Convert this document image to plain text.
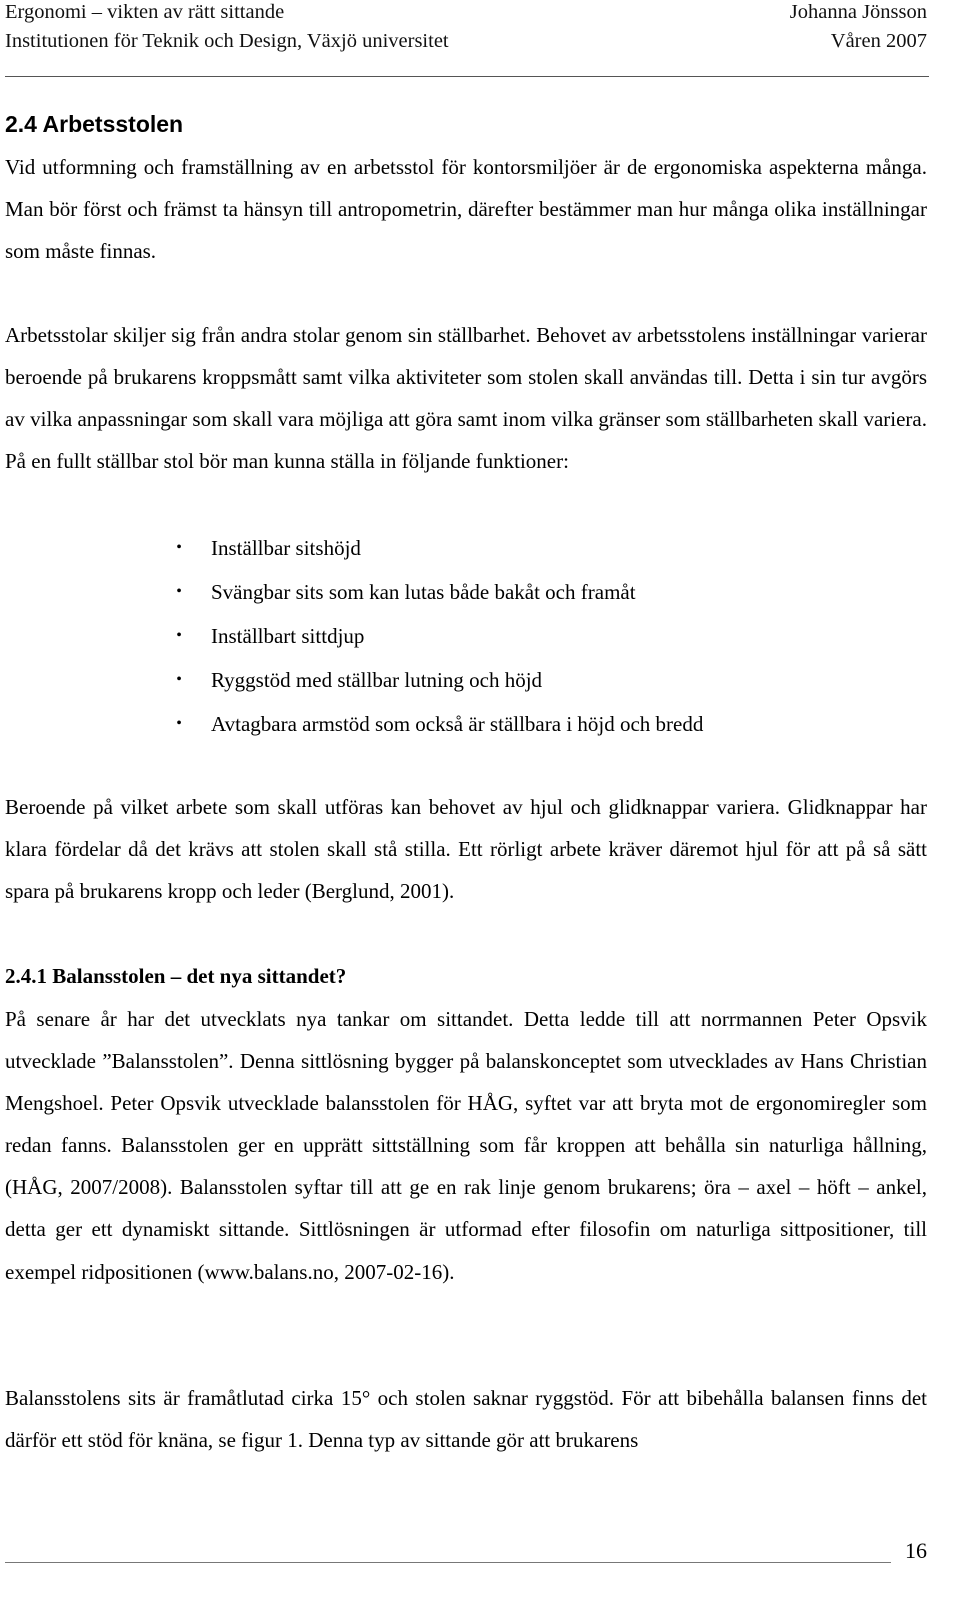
Ergonomi – vikten av rätt sittande	Johanna Jönsson
Institutionen för Teknik och Design, Växjö universitet	Våren 2007
2.4 Arbetsstolen

Vid utformning och framställning av en arbetsstol för kontorsmiljöer är de ergonomiska aspekterna många. Man bör först och främst ta hänsyn till antropometrin, därefter bestämmer man hur många olika inställningar som måste finnas.

Arbetsstolar skiljer sig från andra stolar genom sin ställbarhet. Behovet av arbetsstolens inställningar varierar beroende på brukarens kroppsmått samt vilka aktiviteter som stolen skall användas till. Detta i sin tur avgörs av vilka anpassningar som skall vara möjliga att göra samt inom vilka gränser som ställbarheten skall variera. På en fullt ställbar stol bör man kunna ställa in följande funktioner:

• Inställbar sitshöjd
• Svängbar sits som kan lutas både bakåt och framåt
• Inställbart sittdjup
• Ryggstöd med ställbar lutning och höjd
• Avtagbara armstöd som också är ställbara i höjd och bredd

Beroende på vilket arbete som skall utföras kan behovet av hjul och glidknappar variera. Glidknappar har klara fördelar då det krävs att stolen skall stå stilla. Ett rörligt arbete kräver däremot hjul för att på så sätt spara på brukarens kropp och leder (Berglund, 2001).

2.4.1 Balansstolen – det nya sittandet?

På senare år har det utvecklats nya tankar om sittandet. Detta ledde till att norrmannen Peter Opsvik utvecklade ”Balansstolen”. Denna sittlösning bygger på balanskonceptet som utvecklades av Hans Christian Mengshoel. Peter Opsvik utvecklade balansstolen för HÅG, syftet var att bryta mot de ergonomiregler som redan fanns. Balansstolen ger en upprätt sittställning som får kroppen att behålla sin naturliga hållning, (HÅG, 2007/2008). Balansstolen syftar till att ge en rak linje genom brukarens; öra – axel – höft – ankel, detta ger ett dynamiskt sittande. Sittlösningen är utformad efter filosofin om naturliga sittpositioner, till exempel ridpositionen (www.balans.no, 2007-02-16).

Balansstolens sits är framåtlutad cirka 15° och stolen saknar ryggstöd. För att bibehålla balansen finns det därför ett stöd för knäna, se figur 1. Denna typ av sittande gör att brukarens

16
